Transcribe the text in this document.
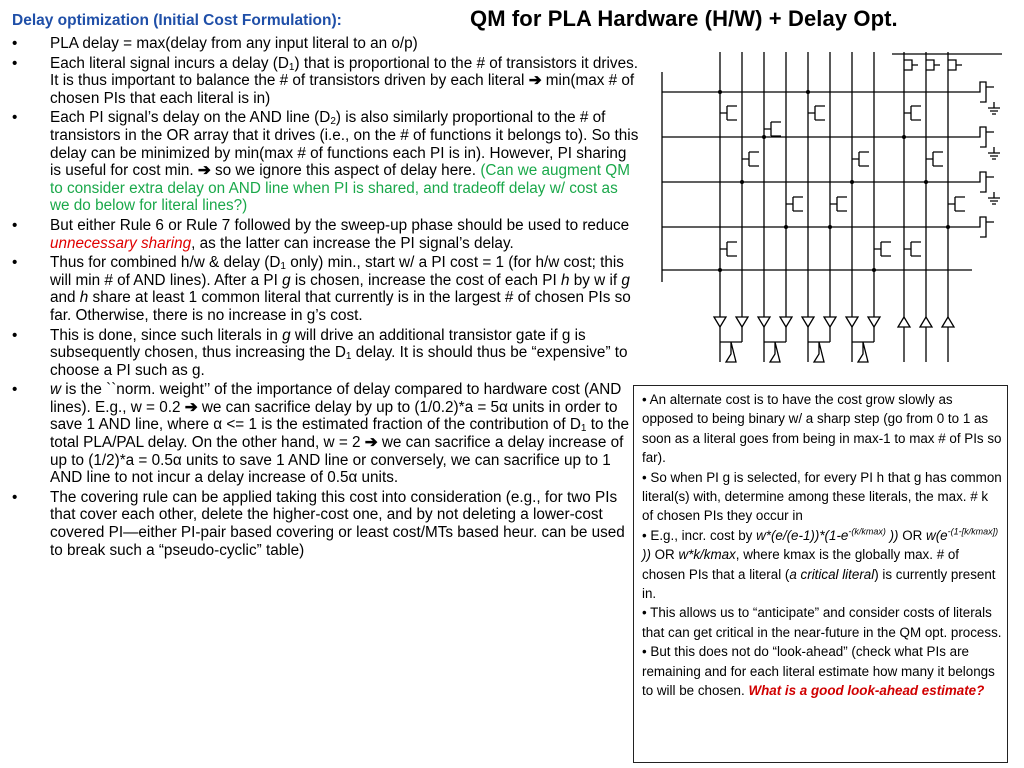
Delay optimization (Initial Cost Formulation):	QM for PLA Hardware (H/W) + Delay Opt.
• PLA delay = max(delay from any input literal to an o/p)
• Each literal signal incurs a delay $(D_1)$ that is proportional to the # of transistors it drives. It is thus important to balance the # of transistors driven by each literal ➔ min(max # of chosen PIs that each literal is in)
• Each PI signal’s delay on the AND line $(D_2)$ is also similarly proportional to the # of transistors in the OR array that it drives (i.e., on the # of functions it belongs to). So this delay can be minimized by min(max # of functions each PI is in). However, PI sharing is useful for cost min. ➔ so we ignore this aspect of delay here. (Can we augment QM to consider extra delay on AND line when PI is shared, and tradeoff delay w/ cost as we do below for literal lines?)
• But either Rule 6 or Rule 7 followed by the sweep-up phase should be used to reduce unnecessary sharing, as the latter can increase the PI signal’s delay.
• Thus for combined h/w & delay ($D_1$ only) min., start w/ a PI cost = 1 (for h/w cost; this will min # of AND lines). After a PI g is chosen, increase the cost of each PI h by w if g and h share at least 1 common literal that currently is in the largest # of chosen PIs so far. Otherwise, there is no increase in g’s cost.
• This is done, since such literals in g will drive an additional transistor gate if g is subsequently chosen, thus increasing the $D_1$ delay. It is should thus be “expensive” to choose a PI such as g.
• w is the ``norm. weight’’ of the importance of delay compared to hardware cost (AND lines). E.g., w = 0.2 ➔ we can sacrifice delay by up to (1/0.2)*a = 5α units in order to save 1 AND line, where α <= 1 is the estimated fraction of the contribution of $D_1$ to the total PLA/PAL delay. On the other hand, w = 2 ➔ we can sacrifice a delay increase of up to (1/2)*a = 0.5α units to save 1 AND line or conversely, we can sacrifice up to 1 AND line to not incur a delay increase of 0.5α units.
• The covering rule can be applied taking this cost into consideration (e.g., for two PIs that cover each other, delete the higher-cost one, and by not deleting a lower-cost covered PI—either PI-pair based covering or least cost/MTs based heur. can be used to break such a “pseudo-cyclic” table)

• An alternate cost is to have the cost grow slowly as opposed to being binary w/ a sharp step (go from 0 to 1 as soon as a literal goes from being in max-1 to max # of PIs so far).

• So when PI g is selected, for every PI h that g has common literal(s) with, determine among these literals, the max. # k of chosen PIs they occur in

• E.g., incr. cost by $w*(e/(e-1))*(1-e^{-(k/kmax)}$ )) OR $w(e^{-(1-[k/kmax])}$ )) OR w*k/kmax, where kmax is the globally max. # of chosen PIs that a literal (a critical literal) is currently present in.

• This allows us to “anticipate” and consider costs of literals that can get critical in the near-future in the QM opt. process.

• But this does not do “look-ahead” (check what PIs are remaining and for each literal estimate how many it belongs to will be chosen. What is a good look-ahead estimate?
